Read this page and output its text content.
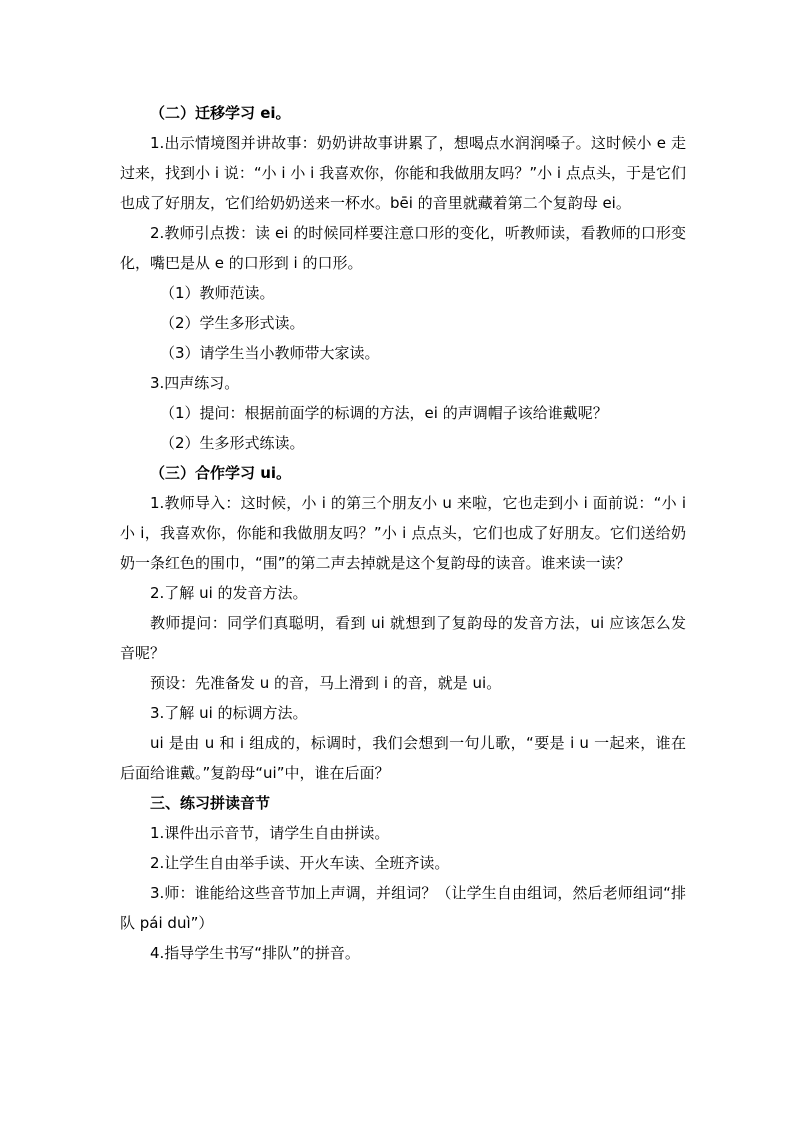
（二）迁移学习 ei。

1.出示情境图并讲故事：奶奶讲故事讲累了，想喝点水润润嗓子。这时候小 e 走过来，找到小 i 说：“小 i 小 i 我喜欢你，你能和我做朋友吗？”小 i 点点头，于是它们也成了好朋友，它们给奶奶送来一杯水。bēi 的音里就藏着第二个复韵母 ei。

2.教师引点拨：读 ei 的时候同样要注意口形的变化，听教师读，看教师的口形变化，嘴巴是从 e 的口形到 i 的口形。

（1）教师范读。

（2）学生多形式读。

（3）请学生当小教师带大家读。

3.四声练习。

（1）提问：根据前面学的标调的方法，ei 的声调帽子该给谁戴呢？

（2）生多形式练读。

（三）合作学习 ui。

1.教师导入：这时候，小 i 的第三个朋友小 u 来啦，它也走到小 i 面前说：“小 i 小 i，我喜欢你，你能和我做朋友吗？”小 i 点点头，它们也成了好朋友。它们送给奶奶一条红色的围巾，“围”的第二声去掉就是这个复韵母的读音。谁来读一读？

2.了解 ui 的发音方法。

教师提问：同学们真聪明，看到 ui 就想到了复韵母的发音方法，ui 应该怎么发音呢？

预设：先准备发 u 的音，马上滑到 i 的音，就是 ui。

3.了解 ui 的标调方法。

ui 是由 u 和 i 组成的，标调时，我们会想到一句儿歌，“要是 i u 一起来，谁在后面给谁戴。”复韵母“ui”中，谁在后面？

三、练习拼读音节

1.课件出示音节，请学生自由拼读。

2.让学生自由举手读、开火车读、全班齐读。

3.师：谁能给这些音节加上声调，并组词？（让学生自由组词，然后老师组词“排队 pái duì”）

4.指导学生书写“排队”的拼音。
